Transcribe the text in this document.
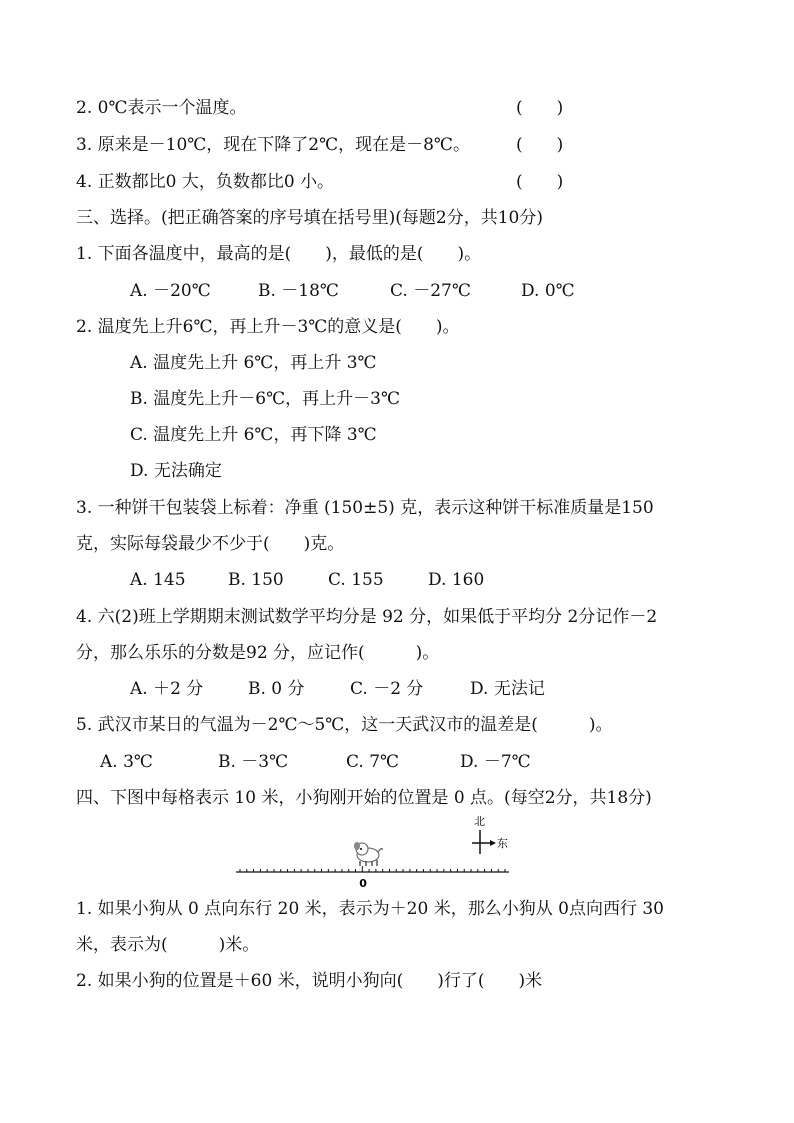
2. 0℃表示一个温度。	(　　)
3. 原来是－10℃，现在下降了2℃，现在是－8℃。	(　　)
4. 正数都比0 大，负数都比0 小。	(　　)
三、选择。(把正确答案的序号填在括号里)(每题2分，共10分)
1. 下面各温度中，最高的是(　　)，最低的是(　　)。
A. －20℃	B. －18℃	C. －27℃	D. 0℃
2. 温度先上升6℃，再上升－3℃的意义是(　　)。
A. 温度先上升 6℃，再上升 3℃
B. 温度先上升－6℃，再上升－3℃
C. 温度先上升 6℃，再下降 3℃
D. 无法确定
3. 一种饼干包装袋上标着：净重 (150±5) 克，表示这种饼干标准质量是150
克，实际每袋最少不少于(　　)克。
A. 145 B. 150	C. 155	D. 160
4. 六(2)班上学期期末测试数学平均分是 92 分，如果低于平均分 2分记作－2
分，那么乐乐的分数是92 分，应记作(　　　)。
A. ＋2 分	B. 0 分	C. －2 分	D. 无法记
5. 武汉市某日的气温为－2℃～5℃，这一天武汉市的温差是(　　　)。
A. 3℃	B. －3℃	C. 7℃	D. －7℃
四、下图中每格表示 10 米，小狗刚开始的位置是 0 点。(每空2分，共18分)
北
东
0
1. 如果小狗从 0 点向东行 20 米，表示为＋20 米，那么小狗从 0点向西行 30
米，表示为(　　　)米。
2. 如果小狗的位置是＋60 米，说明小狗向(　　)行了(　　)米
